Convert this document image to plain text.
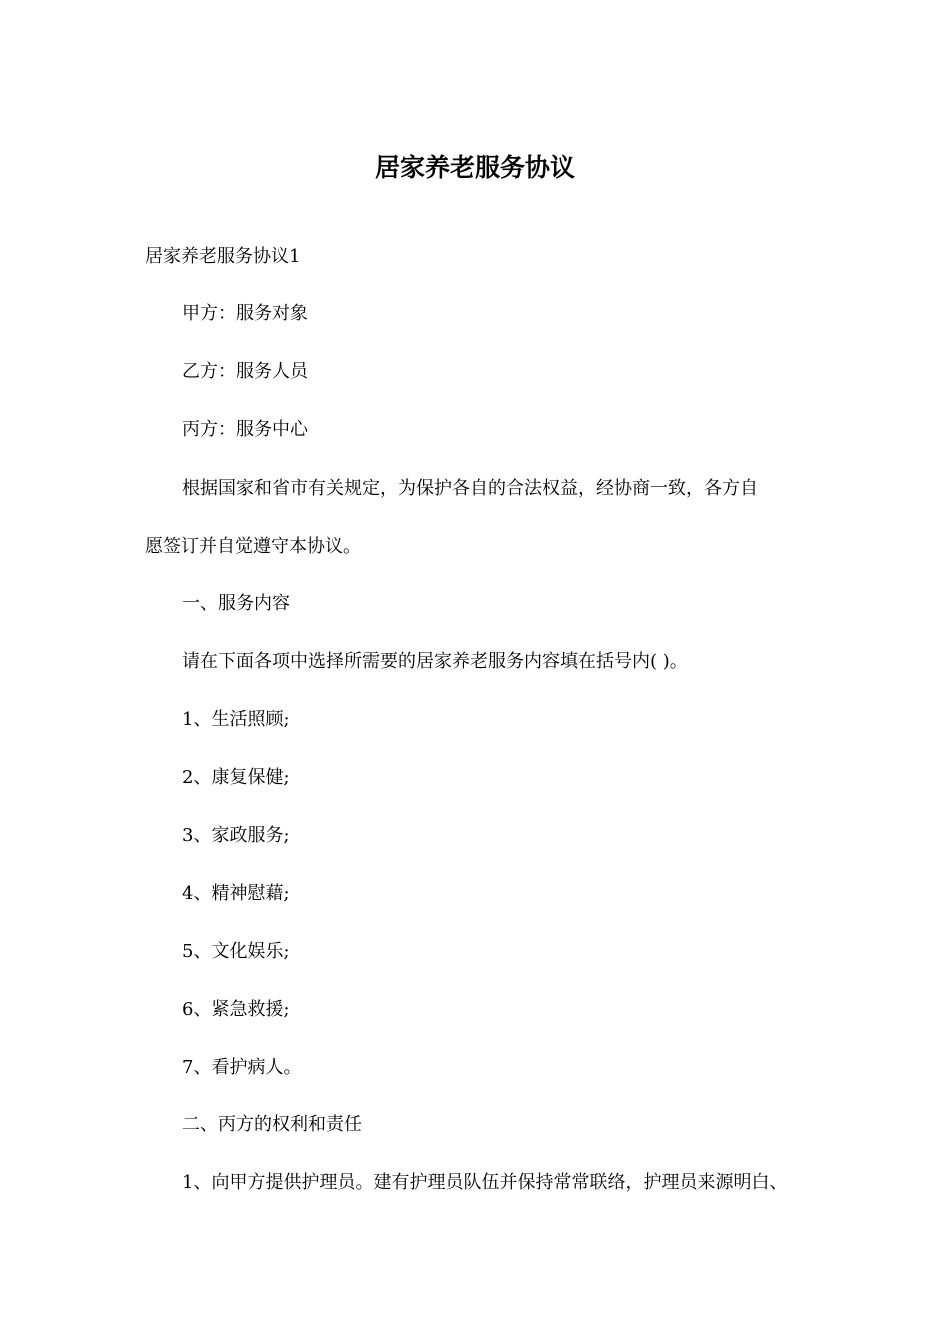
居家养老服务协议

居家养老服务协议1

甲方：服务对象

乙方：服务人员

丙方：服务中心

根据国家和省市有关规定，为保护各自的合法权益，经协商一致，各方自

愿签订并自觉遵守本协议。

一、服务内容

请在下面各项中选择所需要的居家养老服务内容填在括号内( )。

1、生活照顾;

2、康复保健;

3、家政服务;

4、精神慰藉;

5、文化娱乐;

6、紧急救援;

7、看护病人。

二、丙方的权利和责任

1、向甲方提供护理员。建有护理员队伍并保持常常联络，护理员来源明白、
